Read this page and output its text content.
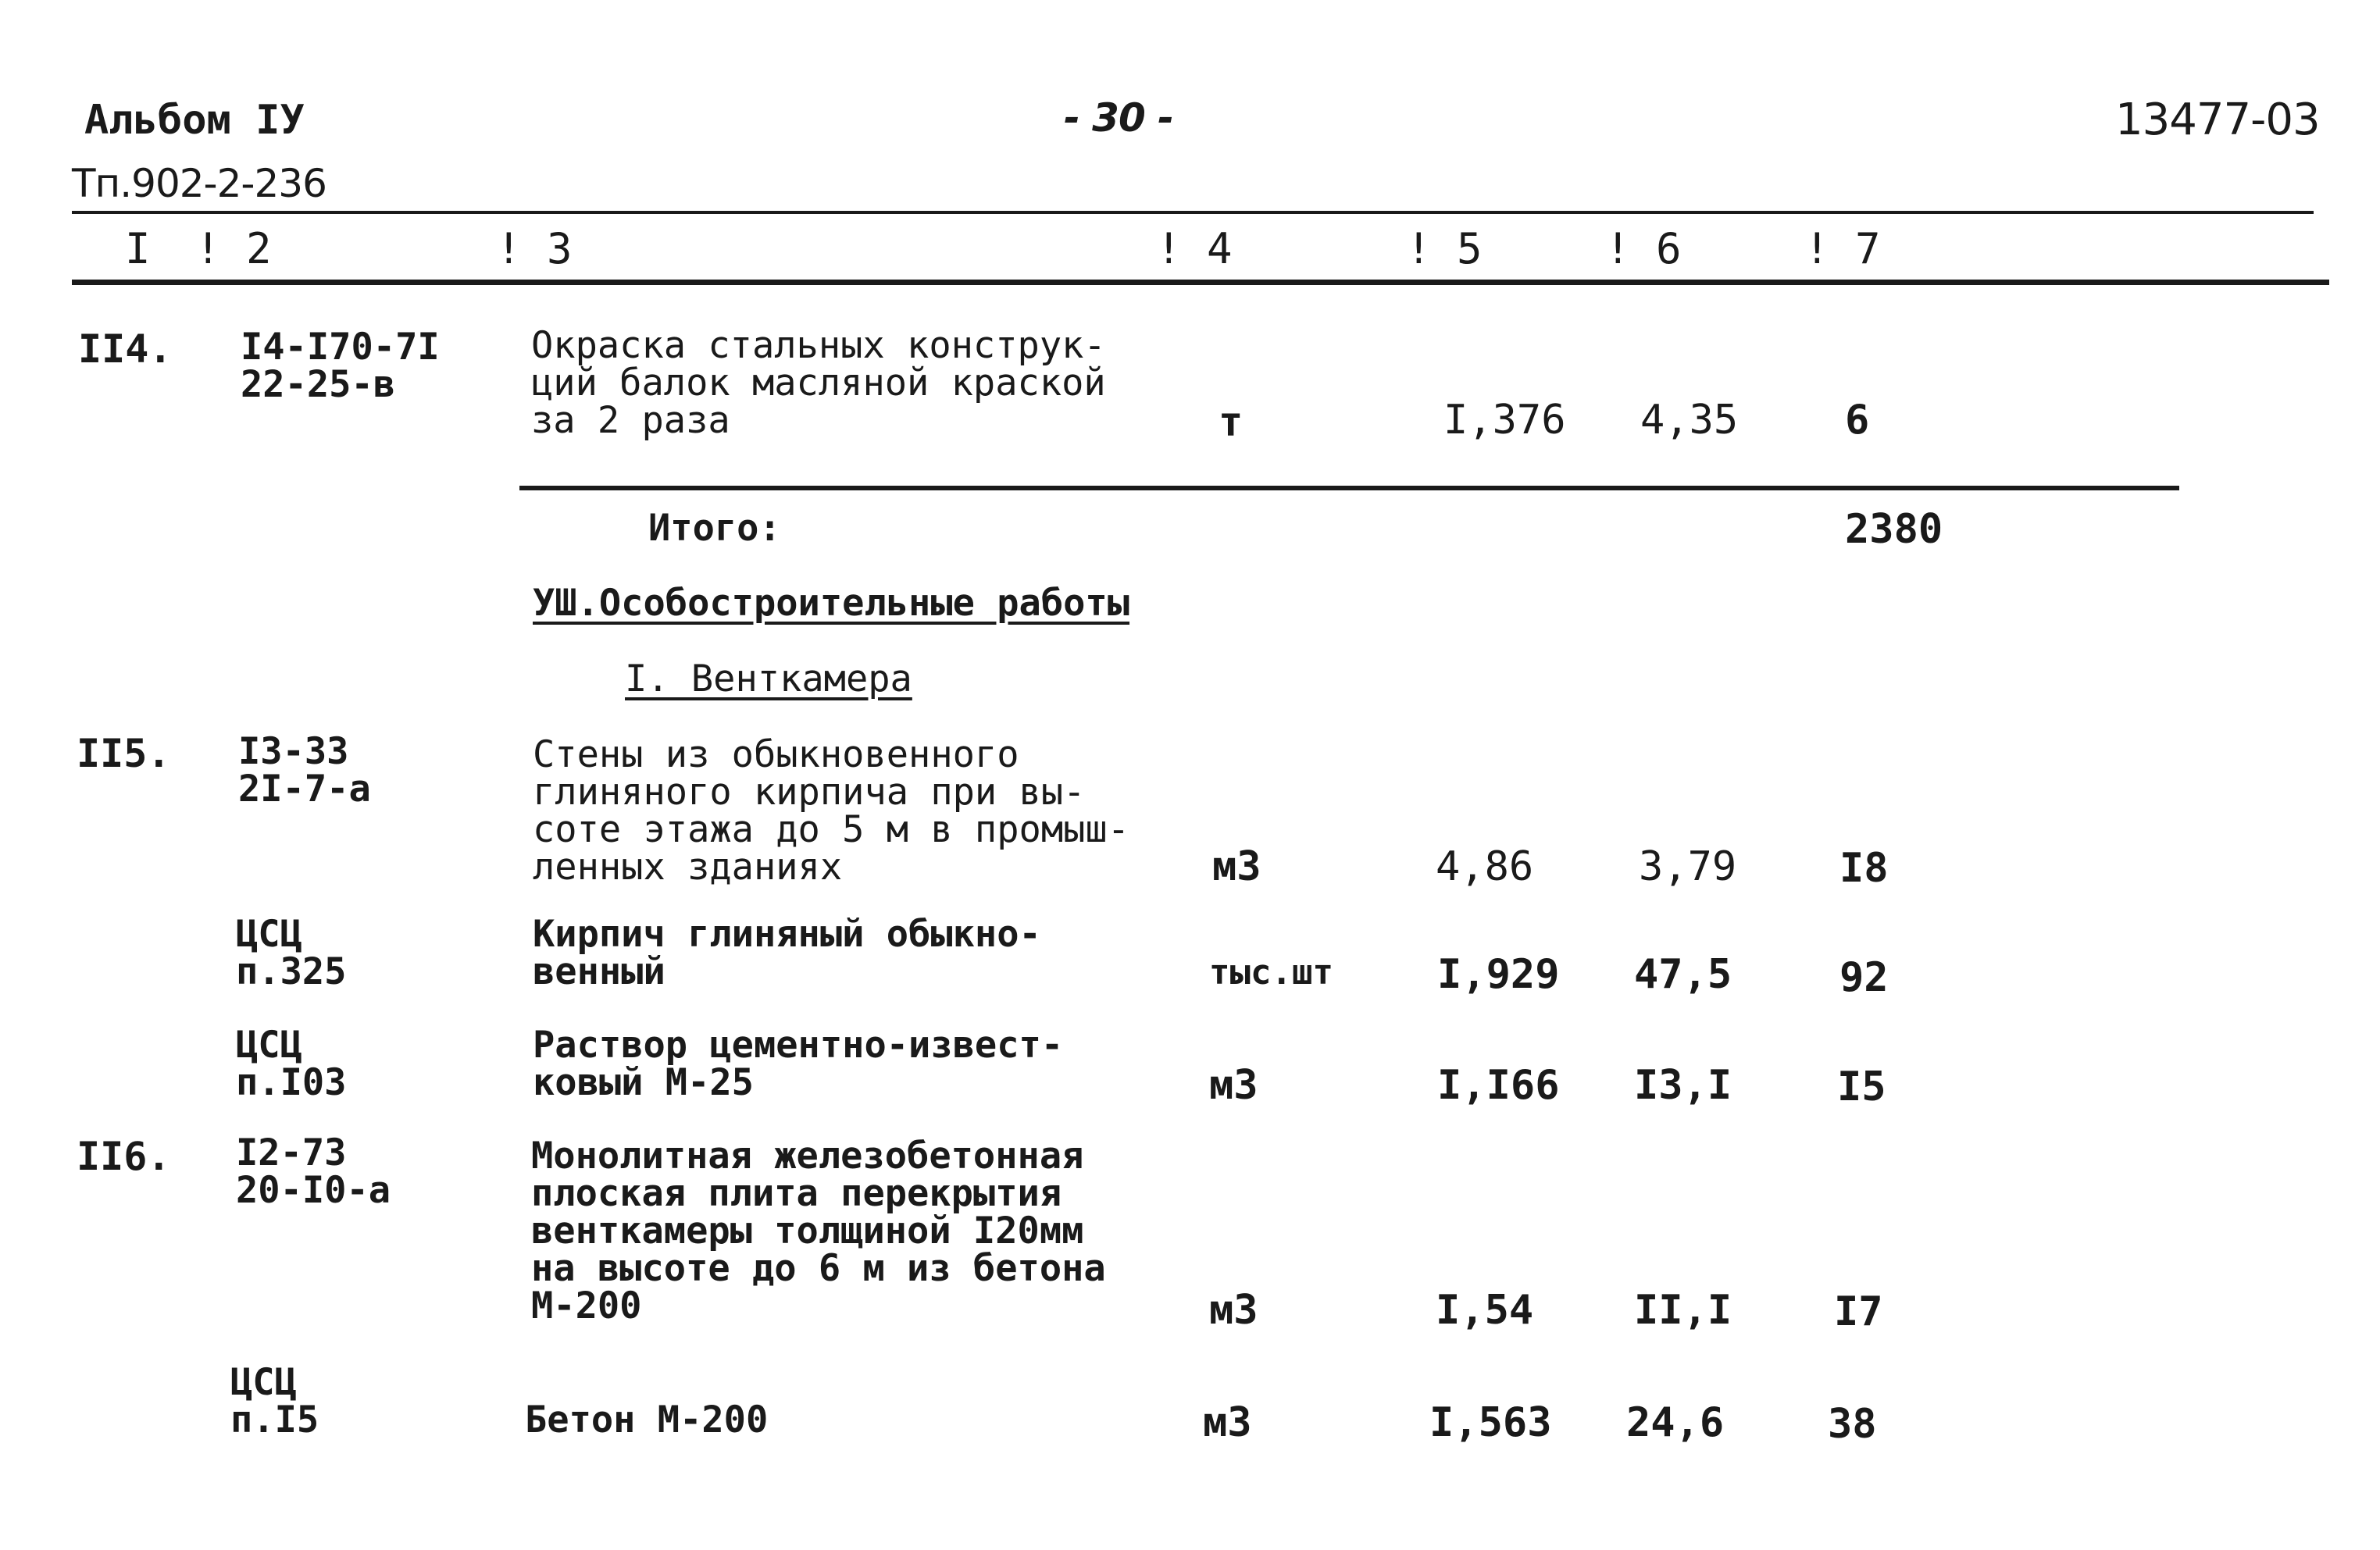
Альбом IУ
Тп.902-2-236
- 30 -	13477-03
I ! 2	! 3	! 4	! 5	! 6	! 7
II4. I4-I70-7I
22-25-в
Окраска стальных конструк-
ций балок масляной краской
за 2 раза	т	I,376 4,35	6
Итого:	2380
УШ.Особостроительные работы
I. Венткамера
II5. I3-33
2I-7-а
Стены из обыкновенного
глиняного кирпича при вы-
соте этажа до 5 м в промыш-
ленных зданиях	м3	4,86	3,79	I8
ЦСЦ
п.325
Кирпич глиняный обыкно-
венный	тыс.шт	I,929 47,5	92
ЦСЦ
п.I03
Раствор цементно-извест-
ковый М-25	м3	I,I66 I3,I	I5
II6. I2-73
20-I0-а
Монолитная железобетонная
плоская плита перекрытия
венткамеры толщиной I20мм
на высоте до 6 м из бетона
М-200	м3	I,54 II,I	I7
ЦСЦ
п.I5	Бетон М-200	м3	I,563 24,6	38
